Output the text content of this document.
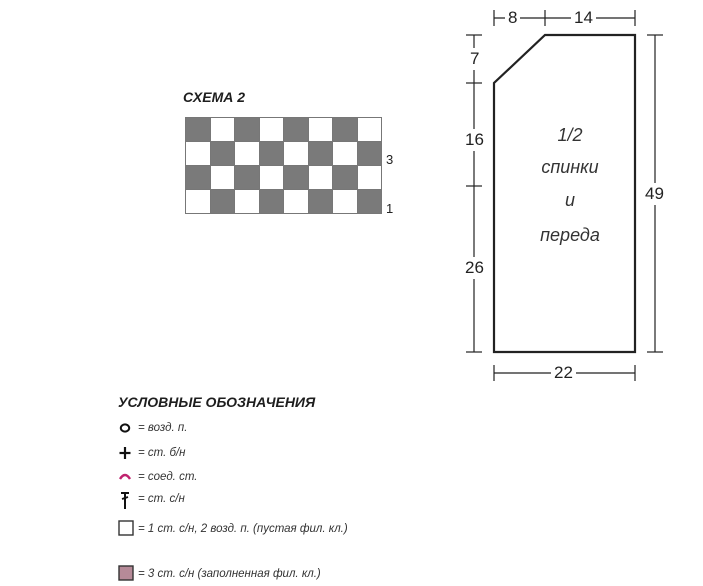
СХЕМА 2
3
1
8	14
7
16
26
49
22
1/2
спинки
и
переда
УСЛОВНЫЕ ОБОЗНАЧЕНИЯ
= возд. п.
= ст. б/н
= соед. ст.
= ст. с/н
= 1 ст. с/н, 2 возд. п. (пустая фил. кл.)
= 3 ст. с/н (заполненная фил. кл.)
